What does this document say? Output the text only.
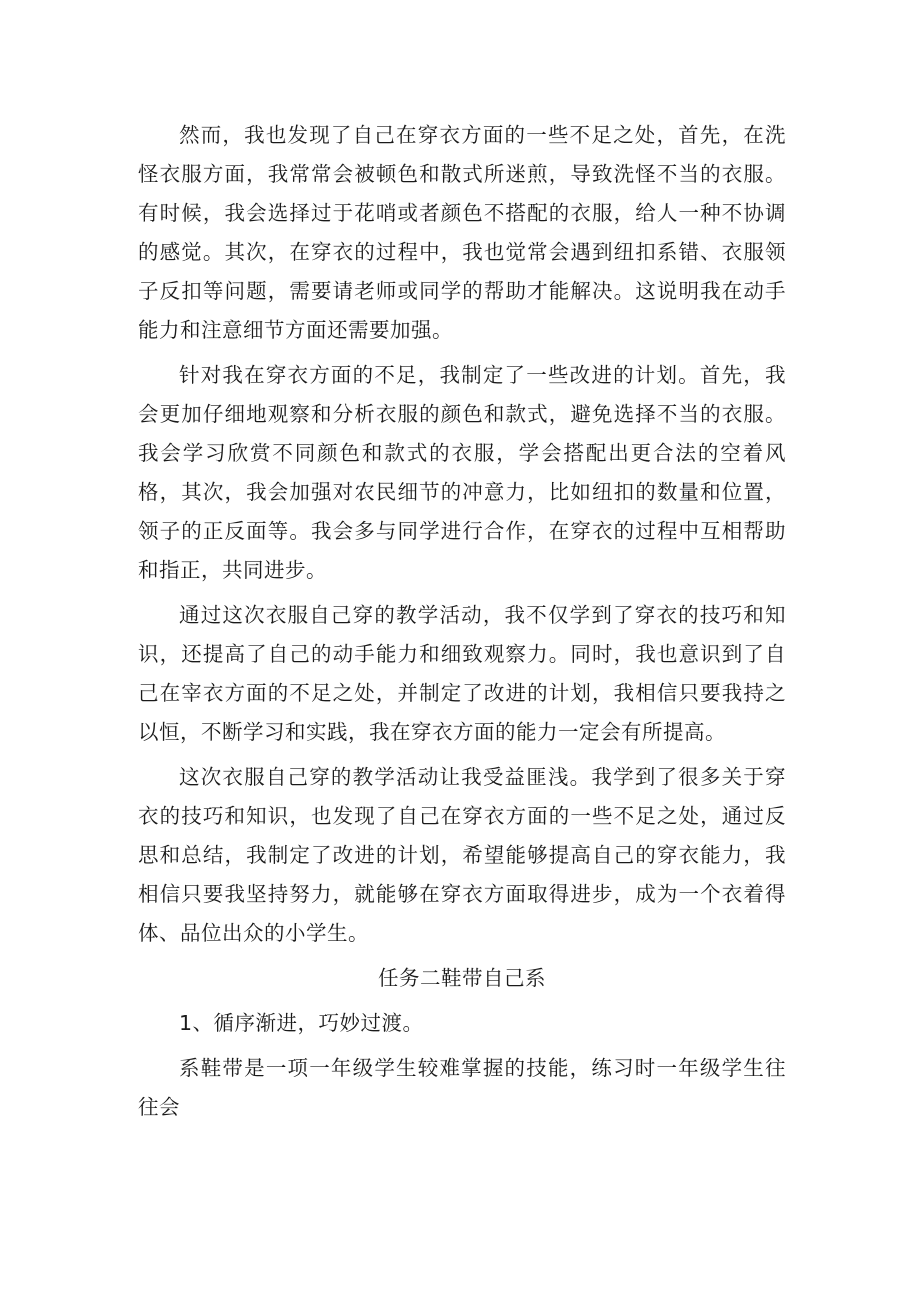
然而，我也发现了自己在穿衣方面的一些不足之处，首先，在洗怪衣服方面，我常常会被顿色和散式所迷煎，导致洗怪不当的衣服。有时候，我会选择过于花哨或者颜色不搭配的衣服，给人一种不协调的感觉。其次，在穿衣的过程中，我也觉常会遇到纽扣系错、衣服领子反扣等问题，需要请老师或同学的帮助才能解决。这说明我在动手能力和注意细节方面还需要加强。

针对我在穿衣方面的不足，我制定了一些改进的计划。首先，我会更加仔细地观察和分析衣服的颜色和款式，避免选择不当的衣服。我会学习欣赏不同颜色和款式的衣服，学会搭配出更合法的空着风格，其次，我会加强对农民细节的冲意力，比如纽扣的数量和位置，领子的正反面等。我会多与同学进行合作，在穿衣的过程中互相帮助和指正，共同进步。

通过这次衣服自己穿的教学活动，我不仅学到了穿衣的技巧和知识，还提高了自己的动手能力和细致观察力。同时，我也意识到了自己在宰衣方面的不足之处，并制定了改进的计划，我相信只要我持之以恒，不断学习和实践，我在穿衣方面的能力一定会有所提高。

这次衣服自己穿的教学活动让我受益匪浅。我学到了很多关于穿衣的技巧和知识，也发现了自己在穿衣方面的一些不足之处，通过反思和总结，我制定了改进的计划，希望能够提高自己的穿衣能力，我相信只要我坚持努力，就能够在穿衣方面取得进步，成为一个衣着得体、品位出众的小学生。

任务二鞋带自己系

1、循序渐进，巧妙过渡。

系鞋带是一项一年级学生较难掌握的技能，练习时一年级学生往往会
